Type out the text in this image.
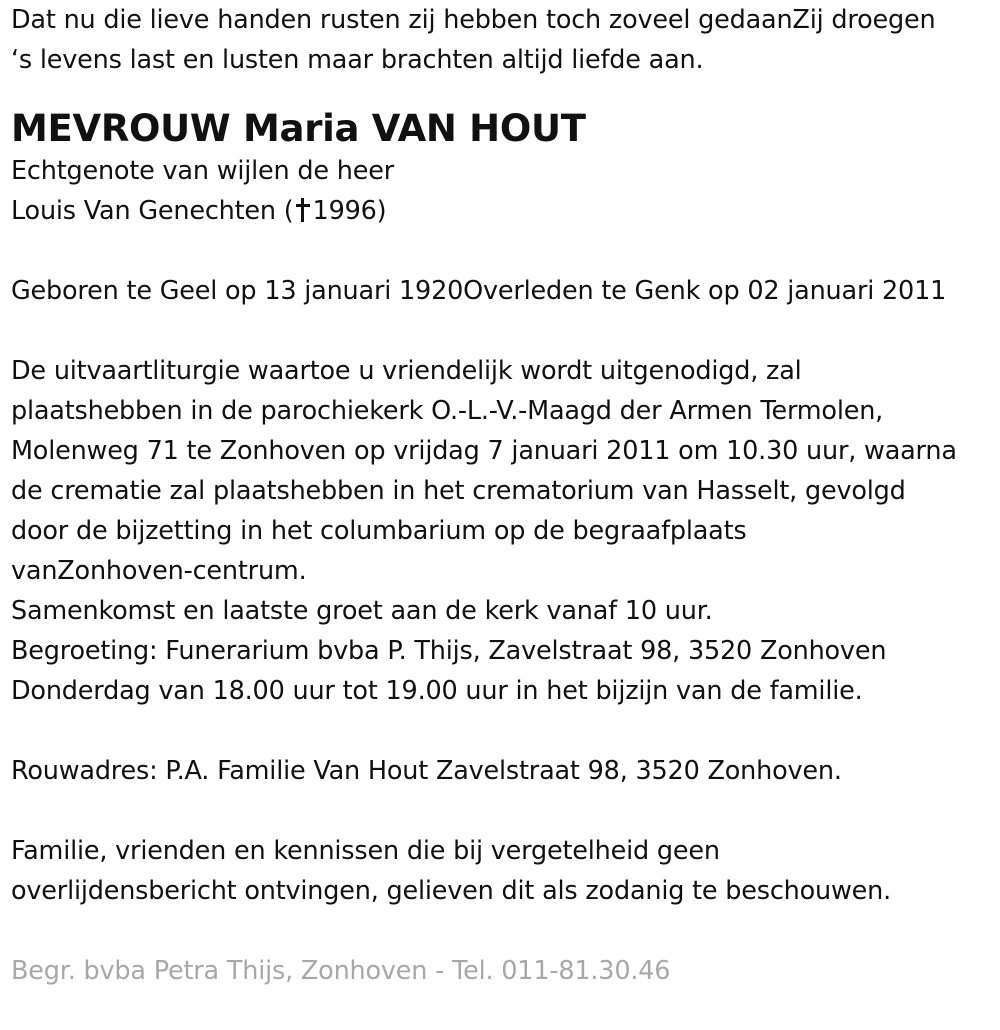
Dat nu die lieve handen rusten zij hebben toch zoveel gedaanZij droegen
‘s levens last en lusten maar brachten altijd liefde aan.
MEVROUW Maria VAN HOUT
Echtgenote van wijlen de heer
Louis Van Genechten ( 1996)
Geboren te Geel op 13 januari 1920Overleden te Genk op 02 januari 2011
De uitvaartliturgie waartoe u vriendelijk wordt uitgenodigd, zal
plaatshebben in de parochiekerk O.-L.-V.-Maagd der Armen Termolen,
Molenweg 71 te Zonhoven op vrijdag 7 januari 2011 om 10.30 uur, waarna
de crematie zal plaatshebben in het crematorium van Hasselt, gevolgd
door de bijzetting in het columbarium op de begraafplaats
vanZonhoven-centrum.
Samenkomst en laatste groet aan de kerk vanaf 10 uur.
Begroeting: Funerarium bvba P. Thijs, Zavelstraat 98, 3520 Zonhoven
Donderdag van 18.00 uur tot 19.00 uur in het bijzijn van de familie.
Rouwadres: P.A. Familie Van Hout Zavelstraat 98, 3520 Zonhoven.
Familie, vrienden en kennissen die bij vergetelheid geen
overlijdensbericht ontvingen, gelieven dit als zodanig te beschouwen.
Begr. bvba Petra Thijs, Zonhoven - Tel. 011-81.30.46
